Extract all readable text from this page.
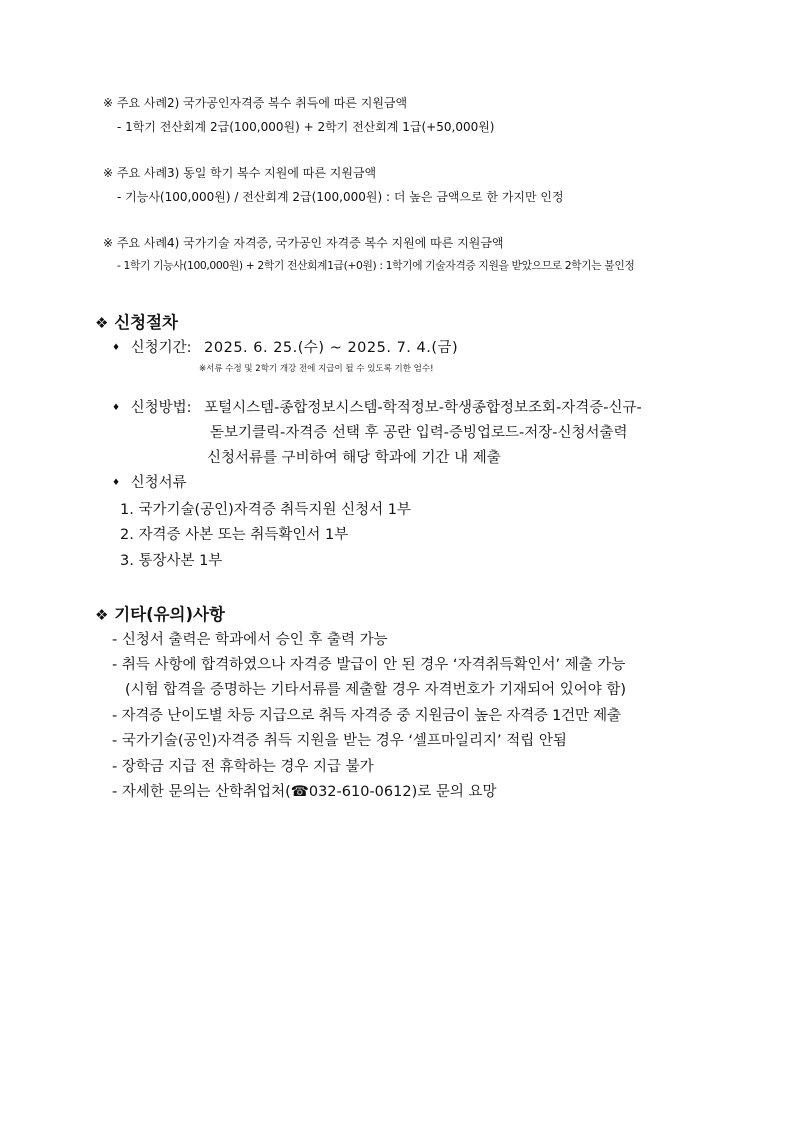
※ 주요 사례2) 국가공인자격증 복수 취득에 따른 지원금액
- 1학기 전산회계 2급(100,000원) + 2학기 전산회계 1급(+50,000원)
※ 주요 사례3) 동일 학기 복수 지원에 따른 지원금액
- 기능사(100,000원) / 전산회계 2급(100,000원) : 더 높은 금액으로 한 가지만 인정
※ 주요 사례4) 국가기술 자격증, 국가공인 자격증 복수 지원에 따른 지원금액
- 1학기 기능사(100,000원) + 2학기 전산회계1급(+0원) : 1학기에 기술자격증 지원을 받았으므로 2학기는 불인정
❖ 신청절차
♦ 신청기간: 2025. 6. 25.(수) ~ 2025. 7. 4.(금)
※서류 수정 및 2학기 개강 전에 지급이 될 수 있도록 기한 엄수!
♦ 신청방법: 포털시스템-종합정보시스템-학적정보-학생종합정보조회-자격증-신규-
돋보기클릭-자격증 선택 후 공란 입력-증빙업로드-저장-신청서출력
신청서류를 구비하여 해당 학과에 기간 내 제출
♦ 신청서류
1. 국가기술(공인)자격증 취득지원 신청서 1부
2. 자격증 사본 또는 취득확인서 1부
3. 통장사본 1부
❖ 기타(유의)사항
- 신청서 출력은 학과에서 승인 후 출력 가능
- 취득 사항에 합격하였으나 자격증 발급이 안 된 경우 ‘자격취득확인서’ 제출 가능
(시험 합격을 증명하는 기타서류를 제출할 경우 자격번호가 기재되어 있어야 함)
- 자격증 난이도별 차등 지급으로 취득 자격증 중 지원금이 높은 자격증 1건만 제출
- 국가기술(공인)자격증 취득 지원을 받는 경우 ‘셀프마일리지’ 적립 안됨
- 장학금 지급 전 휴학하는 경우 지급 불가
- 자세한 문의는 산학취업처(☎032-610-0612)로 문의 요망
